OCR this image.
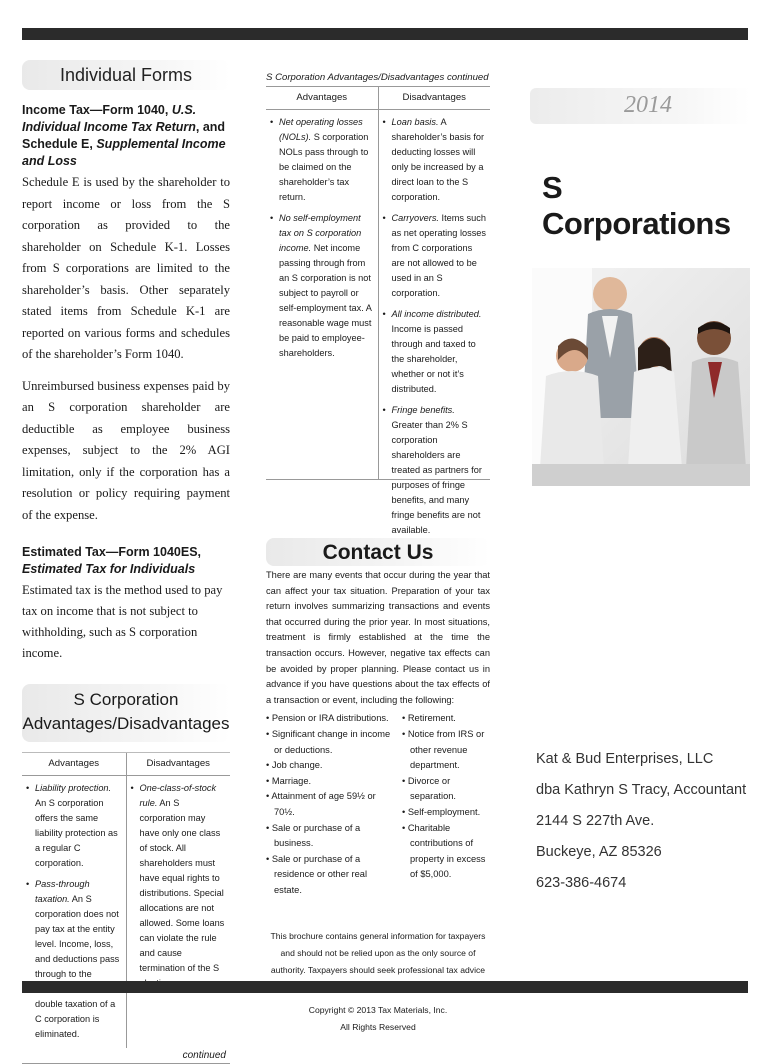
Individual Forms
Income Tax—Form 1040, U.S. Individual Income Tax Return, and Schedule E, Supplemental Income and Loss

Schedule E is used by the shareholder to report income or loss from the S corporation as provided to the shareholder on Schedule K-1. Losses from S corporations are limited to the shareholder’s basis. Other separately stated items from Schedule K-1 are reported on various forms and schedules of the shareholder’s Form 1040.

Unreimbursed business expenses paid by an S corporation shareholder are deductible as employee business expenses, subject to the 2% AGI limitation, only if the corporation has a resolution or policy requiring payment of the expense.

Estimated Tax—Form 1040ES, Estimated Tax for Individuals

Estimated tax is the method used to pay tax on income that is not subject to withholding, such as S corporation income.

S Corporation
Advantages/Disadvantages
Advantages
• Liability protection. An S corporation offers the same liability protection as a regular C corporation.
• Pass-through taxation. An S corporation does not pay tax at the entity level. Income, loss, and deductions pass through to the double taxation of a C corporation is eliminated.
Disadvantages
• One-class-of-stock rule. An S corporation may have only one class of stock. All shareholders must have equal rights to distributions. Special allocations are not allowed. Some loans can violate the rule and cause termination of the S
continued
S Corporation Advantages/Disadvantages continued
Advantages
• Net operating losses (NOLs). S corporation NOLs pass through to be claimed on the shareholder’s tax return.
• No self-employment tax on S corporation income. Net income passing through from an S corporation is not subject to payroll or self-employment tax. A reasonable wage must be paid to employee-shareholders.
Disadvantages
• Loan basis. A shareholder’s basis for deducting losses will only be increased by a direct loan to the S corporation.
• Carryovers. Items such as net operating losses from C corporations are not allowed to be used in an S corporation.
• All income distributed. Income is passed through and taxed to the shareholder, whether or not it’s distributed.
• Fringe benefits. Greater than 2% S corporation shareholders are treated as partners for purposes of fringe benefits, and many fringe benefits are not available.
Contact Us
There are many events that occur during the year that can affect your tax situation. Preparation of your tax return involves summarizing transactions and events that occurred during the prior year. In most situations, treatment is firmly established at the time the transaction occurs. However, negative tax effects can be avoided by proper planning. Please contact us in advance if you have questions about the tax effects of a transaction or event, including the following:
• Pension or IRA distributions.
• Significant change in income or deductions.
• Job change.
• Marriage.
• Attainment of age 59½ or 70½.
• Sale or purchase of a business.
• Sale or purchase of a residence or other real estate.
• Retirement.
• Notice from IRS or other revenue department.
• Divorce or separation.
• Self-employment.
• Charitable contributions of property in excess of $5,000.
This brochure contains general information for taxpayers and should not be relied upon as the only source of authority. Taxpayers should seek professional tax advice
Copyright © 2013 Tax Materials, Inc.
All Rights Reserved
2014
S Corporations
Kat & Bud Enterprises, LLC
dba Kathryn S Tracy, Accountant
2144 S 227th Ave.
Buckeye, AZ 85326
623-386-4674
